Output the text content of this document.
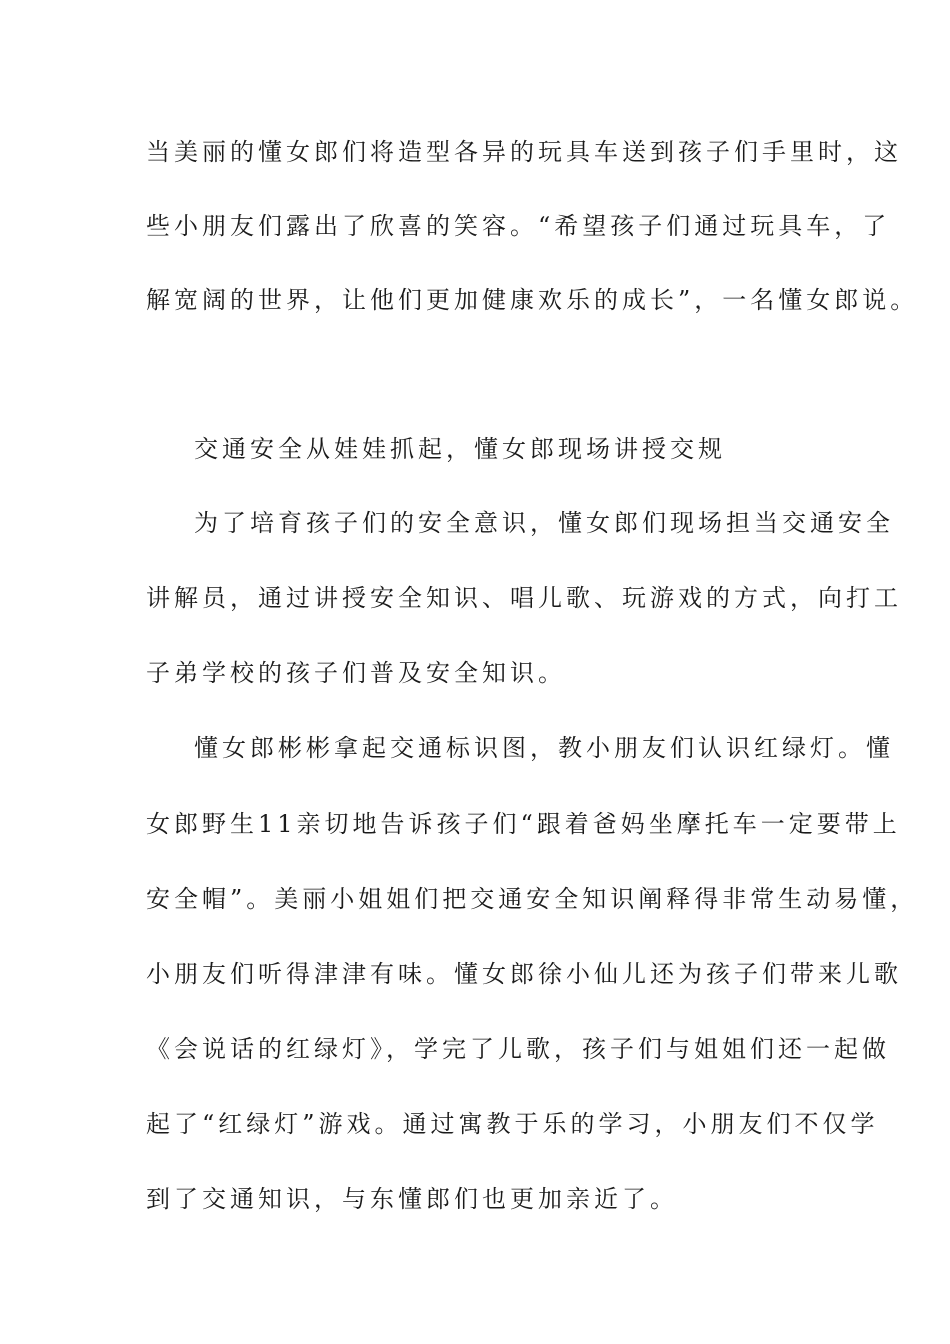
当美丽的懂女郎们将造型各异的玩具车送到孩子们手里时，这
些小朋友们露出了欣喜的笑容。“希望孩子们通过玩具车，了
解宽阔的世界，让他们更加健康欢乐的成长”，一名懂女郎说。
交通安全从娃娃抓起，懂女郎现场讲授交规
为了培育孩子们的安全意识，懂女郎们现场担当交通安全
讲解员，通过讲授安全知识、唱儿歌、玩游戏的方式，向打工
子弟学校的孩子们普及安全知识。
懂女郎彬彬拿起交通标识图，教小朋友们认识红绿灯。懂
女郎野生11亲切地告诉孩子们“跟着爸妈坐摩托车一定要带上
安全帽”。美丽小姐姐们把交通安全知识阐释得非常生动易懂，
小朋友们听得津津有味。懂女郎徐小仙儿还为孩子们带来儿歌
《会说话的红绿灯》，学完了儿歌，孩子们与姐姐们还一起做
起了“红绿灯”游戏。通过寓教于乐的学习，小朋友们不仅学
到了交通知识，与东懂郎们也更加亲近了。
